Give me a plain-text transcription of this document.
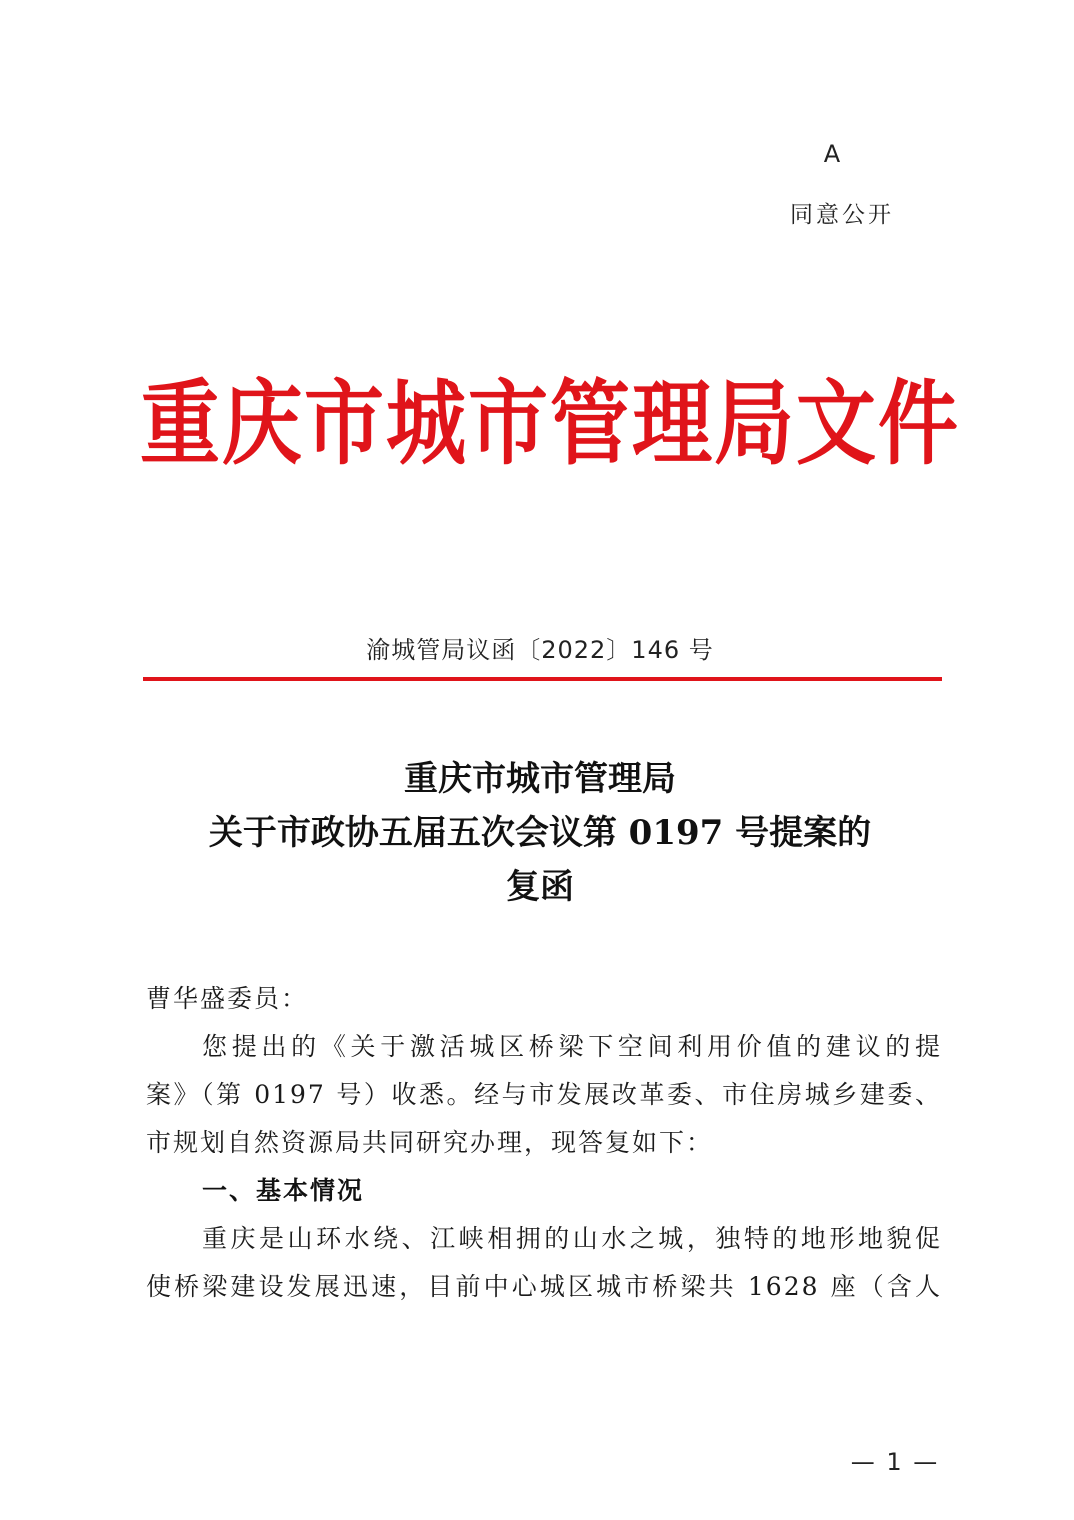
A
同意公开
重庆市城市管理局文件
渝城管局议函〔2022〕146 号
重庆市城市管理局
关于市政协五届五次会议第 0197 号提案的
复函
曹华盛委员：
您提出的《关于激活城区桥梁下空间利用价值的建议的提
案》（第 0197 号）收悉。经与市发展改革委、市住房城乡建委、
市规划自然资源局共同研究办理，现答复如下：
一、基本情况
重庆是山环水绕、江峡相拥的山水之城，独特的地形地貌促
使桥梁建设发展迅速，目前中心城区城市桥梁共 1628 座（含人
— 1 —
